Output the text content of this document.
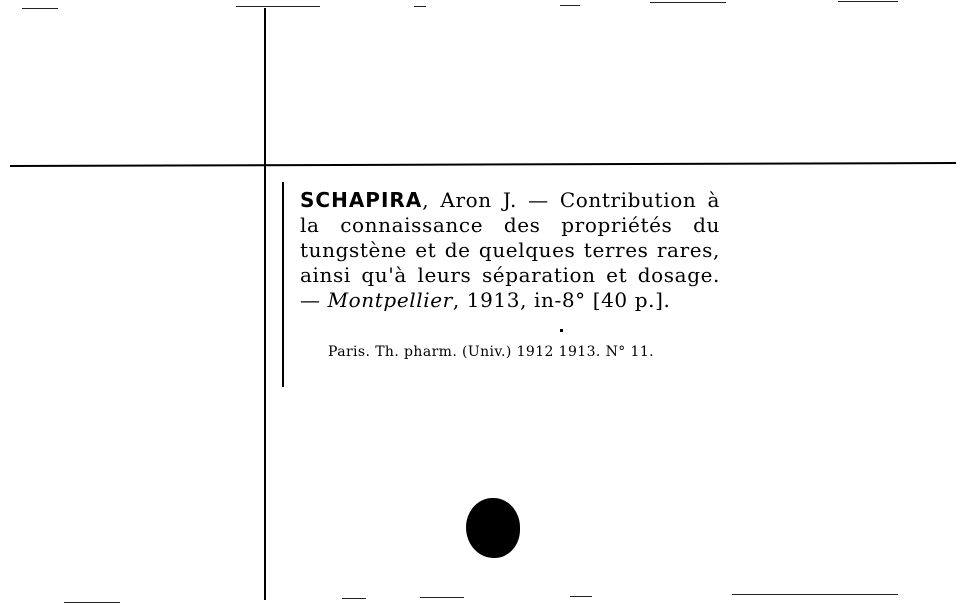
SCHAPIRA, Aron J. — Contribution à la connaissance des propriétés du tungstène et de quelques terres rares, ainsi qu'à leurs séparation et dosage. — Montpellier, 1913, in-8° [40 p.].
Paris. Th. pharm. (Univ.) 1912 1913. N° 11.
